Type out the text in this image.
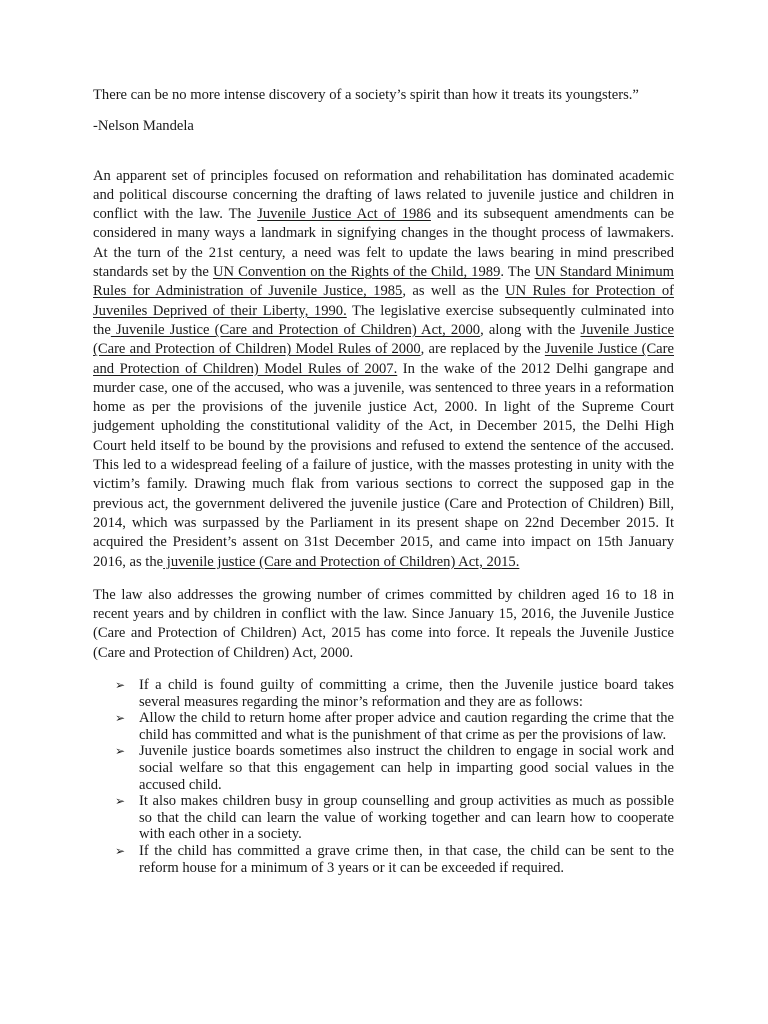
There can be no more intense discovery of a society’s spirit than how it treats its youngsters.”

-Nelson Mandela

An apparent set of principles focused on reformation and rehabilitation has dominated academic and political discourse concerning the drafting of laws related to juvenile justice and children in conflict with the law. The Juvenile Justice Act of 1986 and its subsequent amendments can be considered in many ways a landmark in signifying changes in the thought process of lawmakers. At the turn of the 21st century, a need was felt to update the laws bearing in mind prescribed standards set by the UN Convention on the Rights of the Child, 1989. The UN Standard Minimum Rules for Administration of Juvenile Justice, 1985, as well as the UN Rules for Protection of Juveniles Deprived of their Liberty, 1990. The legislative exercise subsequently culminated into the Juvenile Justice (Care and Protection of Children) Act, 2000, along with the Juvenile Justice (Care and Protection of Children) Model Rules of 2000, are replaced by the Juvenile Justice (Care and Protection of Children) Model Rules of 2007. In the wake of the 2012 Delhi gangrape and murder case, one of the accused, who was a juvenile, was sentenced to three years in a reformation home as per the provisions of the juvenile justice Act, 2000. In light of the Supreme Court judgement upholding the constitutional validity of the Act, in December 2015, the Delhi High Court held itself to be bound by the provisions and refused to extend the sentence of the accused. This led to a widespread feeling of a failure of justice, with the masses protesting in unity with the victim’s family. Drawing much flak from various sections to correct the supposed gap in the previous act, the government delivered the juvenile justice (Care and Protection of Children) Bill, 2014, which was surpassed by the Parliament in its present shape on 22nd December 2015. It acquired the President’s assent on 31st December 2015, and came into impact on 15th January 2016, as the juvenile justice (Care and Protection of Children) Act, 2015.

The law also addresses the growing number of crimes committed by children aged 16 to 18 in recent years and by children in conflict with the law. Since January 15, 2016, the Juvenile Justice (Care and Protection of Children) Act, 2015 has come into force. It repeals the Juvenile Justice (Care and Protection of Children) Act, 2000.

➢ If a child is found guilty of committing a crime, then the Juvenile justice board takes several measures regarding the minor’s reformation and they are as follows:
➢ Allow the child to return home after proper advice and caution regarding the crime that the child has committed and what is the punishment of that crime as per the provisions of law.
➢ Juvenile justice boards sometimes also instruct the children to engage in social work and social welfare so that this engagement can help in imparting good social values in the accused child.
➢ It also makes children busy in group counselling and group activities as much as possible so that the child can learn the value of working together and can learn how to cooperate with each other in a society.
➢ If the child has committed a grave crime then, in that case, the child can be sent to the reform house for a minimum of 3 years or it can be exceeded if required.
